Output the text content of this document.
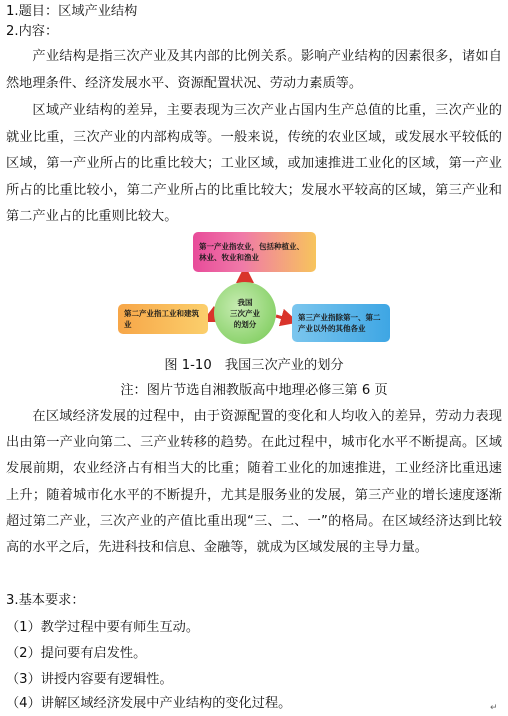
1.题目：区域产业结构
2.内容：
产业结构是指三次产业及其内部的比例关系。影响产业结构的因素很多，诸如自然地理条件、经济发展水平、资源配置状况、劳动力素质等。
区域产业结构的差异，主要表现为三次产业占国内生产总值的比重，三次产业的就业比重，三次产业的内部构成等。一般来说，传统的农业区域，或发展水平较低的区域，第一产业所占的比重比较大；工业区域，或加速推进工业化的区域，第一产业所占的比重比较小，第二产业所占的比重比较大；发展水平较高的区域，第三产业和第二产业占的比重则比较大。
第一产业指农业，包括种植业、林业、牧业和渔业
我国
三次产业
的划分
第二产业指工业和建筑业
第三产业指除第一、第二产业以外的其他各业
图 1-10　我国三次产业的划分
注：图片节选自湘教版高中地理必修三第 6 页
在区域经济发展的过程中，由于资源配置的变化和人均收入的差异，劳动力表现出由第一产业向第二、三产业转移的趋势。在此过程中，城市化水平不断提高。区域发展前期，农业经济占有相当大的比重；随着工业化的加速推进，工业经济比重迅速上升；随着城市化水平的不断提升，尤其是服务业的发展，第三产业的增长速度逐渐超过第二产业，三次产业的产值比重出现“三、二、一”的格局。在区域经济达到比较高的水平之后，先进科技和信息、金融等，就成为区域发展的主导力量。
3.基本要求：
（1）教学过程中要有师生互动。
（2）提问要有启发性。
（3）讲授内容要有逻辑性。
（4）讲解区域经济发展中产业结构的变化过程。	↵
